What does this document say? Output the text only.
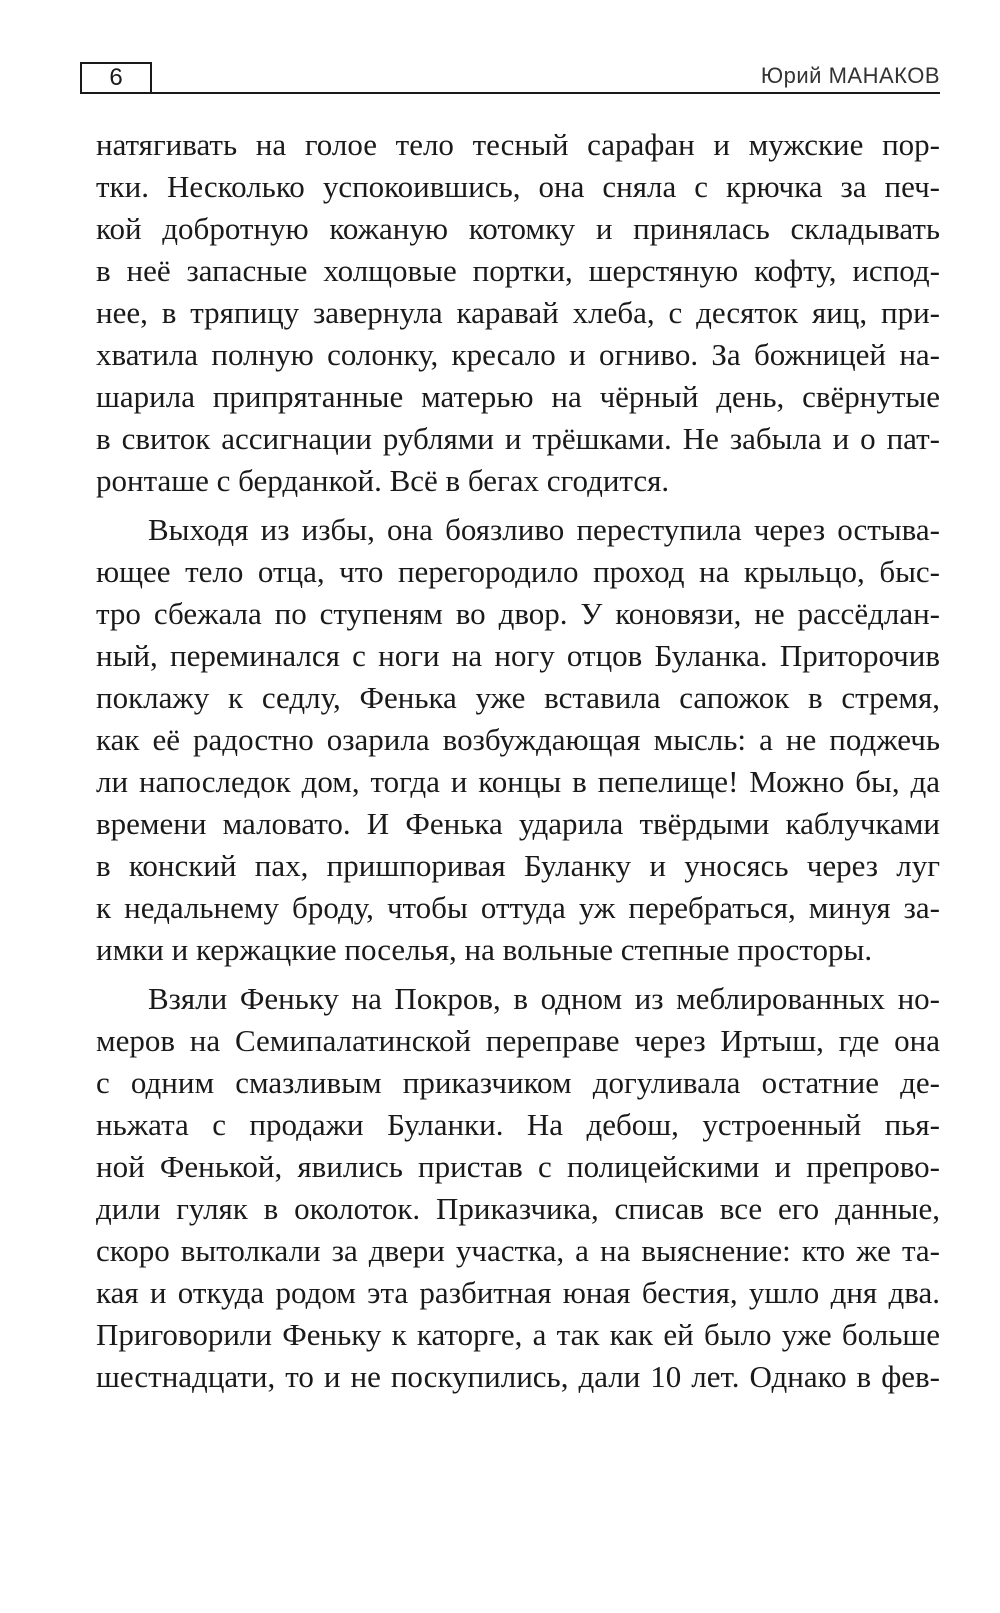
6	Юрий МАНАКОВ
натягивать на голое тело тесный сарафан и мужские пор-
тки. Несколько успокоившись, она сняла с крючка за печ-
кой добротную кожаную котомку и принялась складывать
в неё запасные холщовые портки, шерстяную кофту, испод-
нее, в тряпицу завернула каравай хлеба, с десяток яиц, при-
хватила полную солонку, кресало и огниво. За божницей на-
шарила припрятанные матерью на чёрный день, свёрнутые
в свиток ассигнации рублями и трёшками. Не забыла и о пат-
ронташе с берданкой. Всё в бегах сгодится.
Выходя из избы, она боязливо переступила через остыва-
ющее тело отца, что перегородило проход на крыльцо, быс-
тро сбежала по ступеням во двор. У коновязи, не рассёдлан-
ный, переминался с ноги на ногу отцов Буланка. Приторочив
поклажу к седлу, Фенька уже вставила сапожок в стремя,
как её радостно озарила возбуждающая мысль: а не поджечь
ли напоследок дом, тогда и концы в пепелище! Можно бы, да
времени маловато. И Фенька ударила твёрдыми каблучками
в конский пах, пришпоривая Буланку и уносясь через луг
к недальнему броду, чтобы оттуда уж перебраться, минуя за-
имки и кержацкие поселья, на вольные степные просторы.
Взяли Феньку на Покров, в одном из меблированных но-
меров на Семипалатинской переправе через Иртыш, где она
с одним смазливым приказчиком догуливала остатние де-
ньжата с продажи Буланки. На дебош, устроенный пья-
ной Фенькой, явились пристав с полицейскими и препрово-
дили гуляк в околоток. Приказчика, списав все его данные,
скоро вытолкали за двери участка, а на выяснение: кто же та-
кая и откуда родом эта разбитная юная бестия, ушло дня два.
Приговорили Феньку к каторге, а так как ей было уже больше
шестнадцати, то и не поскупились, дали 10 лет. Однако в фев-
